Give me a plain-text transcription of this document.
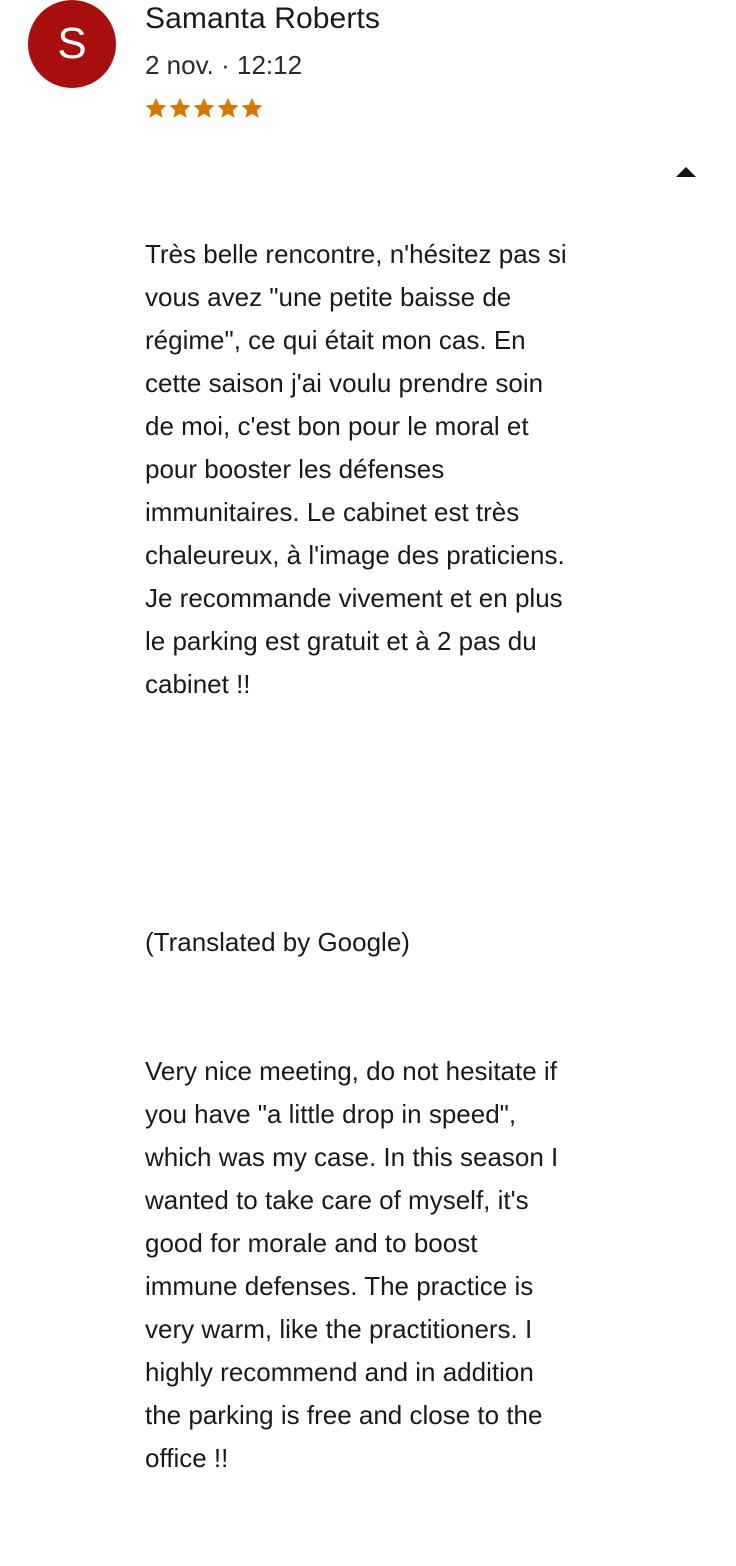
S
Samanta Roberts
2 nov. · 12:12

Très belle rencontre, n'hésitez pas si
vous avez "une petite baisse de
régime", ce qui était mon cas. En
cette saison j'ai voulu prendre soin
de moi, c'est bon pour le moral et
pour booster les défenses
immunitaires. Le cabinet est très
chaleureux, à l'image des praticiens.
Je recommande vivement et en plus
le parking est gratuit et à 2 pas du
cabinet !!

(Translated by Google)

Very nice meeting, do not hesitate if
you have "a little drop in speed",
which was my case. In this season I
wanted to take care of myself, it's
good for morale and to boost
immune defenses. The practice is
very warm, like the practitioners. I
highly recommend and in addition
the parking is free and close to the
office !!
